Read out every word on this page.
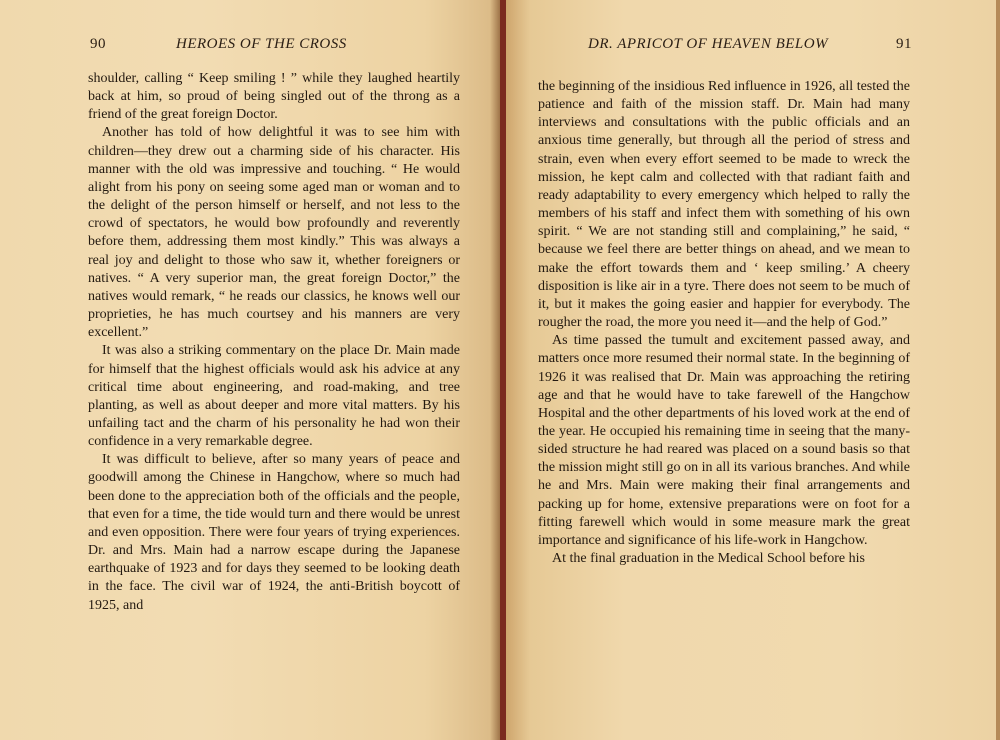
90	HEROES OF THE CROSS

shoulder, calling “ Keep smiling ! ” while they laughed heartily back at him, so proud of being singled out of the throng as a friend of the great foreign Doctor.

Another has told of how delightful it was to see him with children—they drew out a charming side of his character. His manner with the old was impressive and touching. “ He would alight from his pony on seeing some aged man or woman and to the delight of the person himself or herself, and not less to the crowd of spectators, he would bow profoundly and reverently before them, addressing them most kindly.” This was always a real joy and delight to those who saw it, whether foreigners or natives. “ A very superior man, the great foreign Doctor,” the natives would remark, “ he reads our classics, he knows well our proprieties, he has much courtsey and his manners are very excellent.”

It was also a striking commentary on the place Dr. Main made for himself that the highest officials would ask his advice at any critical time about engineering, and road-making, and tree planting, as well as about deeper and more vital matters. By his unfailing tact and the charm of his personality he had won their confidence in a very remarkable degree.

It was difficult to believe, after so many years of peace and goodwill among the Chinese in Hangchow, where so much had been done to the appreciation both of the officials and the people, that even for a time, the tide would turn and there would be unrest and even opposition. There were four years of trying experiences. Dr. and Mrs. Main had a narrow escape during the Japanese earthquake of 1923 and for days they seemed to be looking death in the face. The civil war of 1924, the anti-British boycott of 1925, and

DR. APRICOT OF HEAVEN BELOW	91

the beginning of the insidious Red influence in 1926, all tested the patience and faith of the mission staff. Dr. Main had many interviews and consultations with the public officials and an anxious time generally, but through all the period of stress and strain, even when every effort seemed to be made to wreck the mission, he kept calm and collected with that radiant faith and ready adaptability to every emergency which helped to rally the members of his staff and infect them with something of his own spirit. “ We are not standing still and complaining,” he said, “ because we feel there are better things on ahead, and we mean to make the effort towards them and ‘ keep smiling.’ A cheery disposition is like air in a tyre. There does not seem to be much of it, but it makes the going easier and happier for everybody. The rougher the road, the more you need it—and the help of God.”

As time passed the tumult and excitement passed away, and matters once more resumed their normal state. In the beginning of 1926 it was realised that Dr. Main was approaching the retiring age and that he would have to take farewell of the Hangchow Hospital and the other departments of his loved work at the end of the year. He occupied his remaining time in seeing that the many-sided structure he had reared was placed on a sound basis so that the mission might still go on in all its various branches. And while he and Mrs. Main were making their final arrangements and packing up for home, extensive preparations were on foot for a fitting farewell which would in some measure mark the great importance and significance of his life-work in Hangchow.

At the final graduation in the Medical School before his
